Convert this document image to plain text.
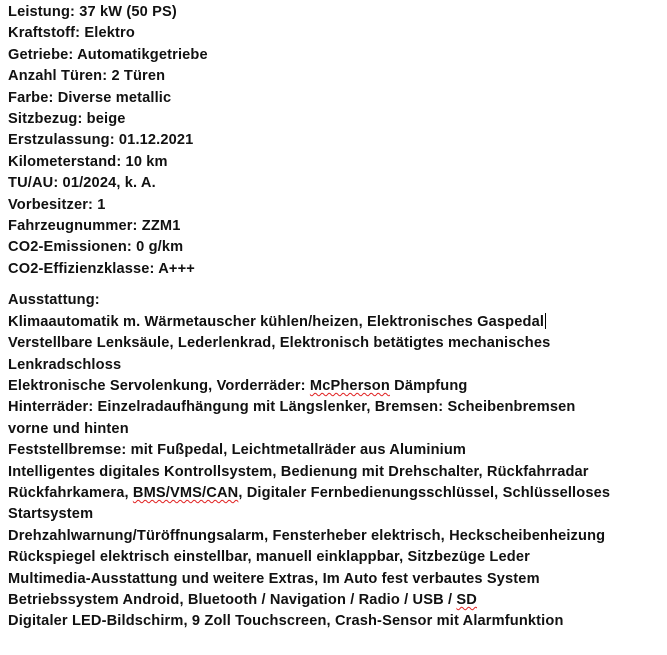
Leistung: 37 kW (50 PS)
Kraftstoff: Elektro
Getriebe: Automatikgetriebe
Anzahl Türen: 2 Türen
Farbe: Diverse metallic
Sitzbezug: beige
Erstzulassung: 01.12.2021
Kilometerstand: 10 km
TU/AU: 01/2024, k. A.
Vorbesitzer: 1
Fahrzeugnummer: ZZM1
CO2-Emissionen: 0 g/km
CO2-Effizienzklasse: A+++
Ausstattung:
Klimaautomatik m. Wärmetauscher kühlen/heizen, Elektronisches Gaspedal
Verstellbare Lenksäule, Lederlenkrad, Elektronisch betätigtes mechanisches Lenkradschloss
Elektronische Servolenkung, Vorderräder: McPherson Dämpfung
Hinterräder: Einzelradaufhängung mit Längslenker, Bremsen: Scheibenbremsen vorne und hinten
Feststellbremse: mit Fußpedal, Leichtmetallräder aus Aluminium
Intelligentes digitales Kontrollsystem, Bedienung mit Drehschalter, Rückfahrradar
Rückfahrkamera, BMS/VMS/CAN, Digitaler Fernbedienungsschlüssel, Schlüsselloses Startsystem
Drehzahlwarnung/Türöffnungsalarm, Fensterheber elektrisch, Heckscheibenheizung
Rückspiegel elektrisch einstellbar, manuell einklappbar, Sitzbezüge Leder
Multimedia-Ausstattung und weitere Extras, Im Auto fest verbautes System
Betriebssystem Android, Bluetooth / Navigation / Radio / USB / SD
Digitaler LED-Bildschirm, 9 Zoll Touchscreen, Crash-Sensor mit Alarmfunktion
